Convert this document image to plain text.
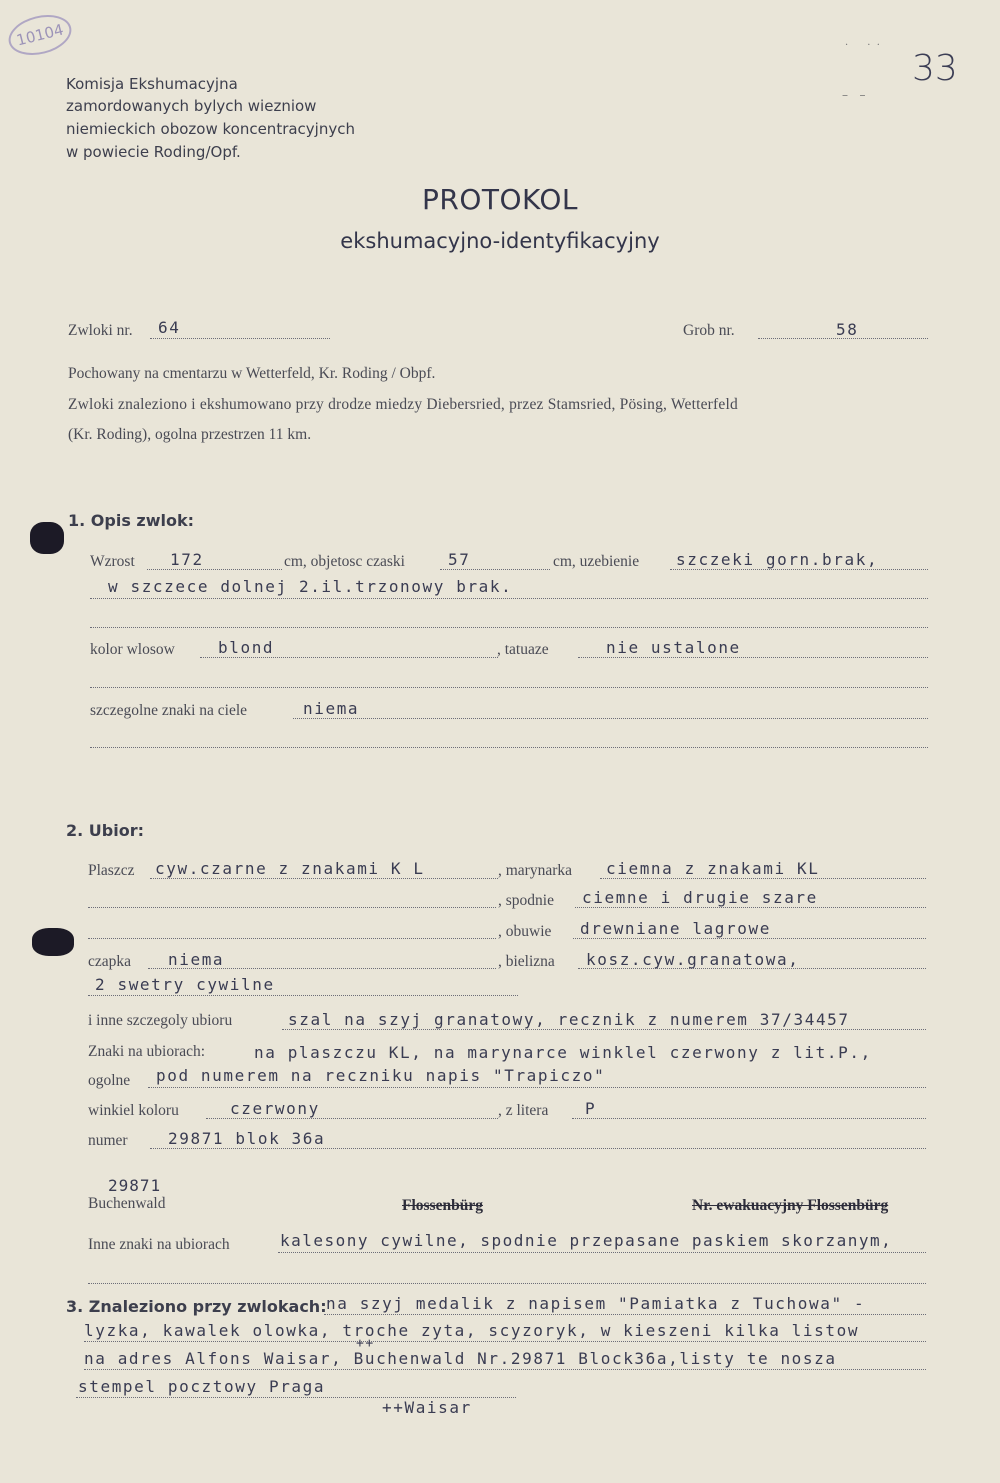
10104
33
·      ·  ·
–   –
Komisja Ekshumacyjna
zamordowanych bylych wiezniow
niemieckich obozow koncentracyjnych
w powiecie Roding/Opf.
PROTOKOL
ekshumacyjno-identyfikacyjny
Zwloki nr. 64	Grob nr.	58
Pochowany na cmentarzu w Wetterfeld, Kr. Roding / Obpf.
Zwloki znaleziono i ekshumowano przy drodze miedzy Diebersried, przez Stamsried, Pösing, Wetterfeld
(Kr. Roding), ogolna przestrzen 11 km.
1. Opis zwlok:
Wzrost 172	cm, objetosc czaski	57	cm, uzebienie szczeki gorn.brak,
w szczece dolnej 2.il.trzonowy brak.
kolor wlosow	blond	, tatuaze	nie ustalone
szczegolne znaki na ciele	niema
2. Ubior:
Plaszcz cyw.czarne z znakami K L	, marynarka ciemna z znakami KL
, spodnie ciemne i drugie szare
, obuwie drewniane lagrowe
czapka niema	, bielizna kosz.cyw.granatowa,
2 swetry cywilne
i inne szczegoly ubioru	szal na szyj granatowy, recznik z numerem 37/34457
Znaki na ubiorach:	na plaszczu KL, na marynarce winklel czerwony z lit.P.,
ogolne pod numerem na reczniku napis "Trapiczo"
winkiel koloru	czerwony	, z litera P
numer	29871 blok 36a
29871
Buchenwald	Flossenbürg	Nr. ewakuacyjny Flossenbürg
Inne znaki na ubiorach	kalesony cywilne, spodnie przepasane paskiem skorzanym,
3. Znaleziono przy zwlokach: na szyj medalik z napisem "Pamiatka z Tuchowa" -
lyzka, kawalek olowka, troche zyta, scyzoryk, w kieszeni kilka listow
na adres Alfons Waisar, Buchenwald Nr.29871 Block36a,listy te nosza
++
stempel pocztowy Praga
++Waisar
